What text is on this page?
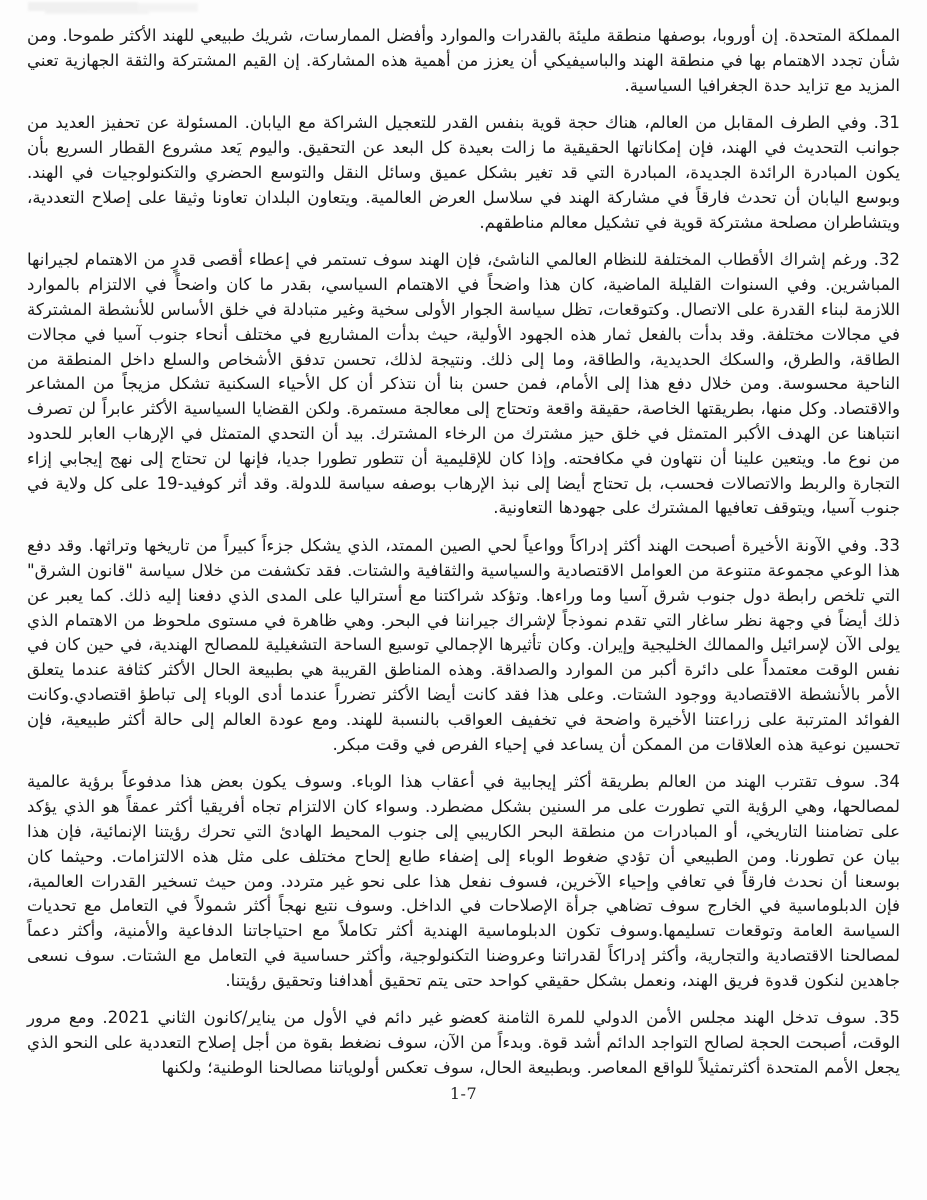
المملكة المتحدة. إن أوروبا، بوصفها منطقة مليئة بالقدرات والموارد وأفضل الممارسات، شريك طبيعي للهند الأكثر طموحا. ومن شأن تجدد الاهتمام بها في منطقة الهند والباسيفيكي أن يعزز من أهمية هذه المشاركة. إن القيم المشتركة والثقة الجهازية تعني المزيد مع تزايد حدة الجغرافيا السياسية.

31. وفي الطرف المقابل من العالم، هناك حجة قوية بنفس القدر للتعجيل الشراكة مع اليابان. المسئولة عن تحفيز العديد من جوانب التحديث في الهند، فإن إمكاناتها الحقيقية ما زالت بعيدة كل البعد عن التحقيق. واليوم يَعد مشروع القطار السريع بأن يكون المبادرة الرائدة الجديدة، المبادرة التي قد تغير بشكل عميق وسائل النقل والتوسع الحضري والتكنولوجيات في الهند. وبوسع اليابان أن تحدث فارقاً في مشاركة الهند في سلاسل العرض العالمية. ويتعاون البلدان تعاونا وثيقا على إصلاح التعددية، ويتشاطران مصلحة مشتركة قوية في تشكيل معالم مناطقهم.

32. ورغم إشراك الأقطاب المختلفة للنظام العالمي الناشئ، فإن الهند سوف تستمر في إعطاء أقصى قدرٍ من الاهتمام لجيرانها المباشرين. وفي السنوات القليلة الماضية، كان هذا واضحاً في الاهتمام السياسي، بقدر ما كان واضحاً في الالتزام بالموارد اللازمة لبناء القدرة على الاتصال. وكتوقعات، تظل سياسة الجوار الأولى سخية وغير متبادلة في خلق الأساس للأنشطة المشتركة في مجالات مختلفة. وقد بدأت بالفعل ثمار هذه الجهود الأولية، حيث بدأت المشاريع في مختلف أنحاء جنوب آسيا في مجالات الطاقة، والطرق، والسكك الحديدية، والطاقة، وما إلى ذلك. ونتيجة لذلك، تحسن تدفق الأشخاص والسلع داخل المنطقة من الناحية محسوسة. ومن خلال دفع هذا إلى الأمام، فمن حسن بنا أن نتذكر أن كل الأحياء السكنية تشكل مزيجاً من المشاعر والاقتصاد. وكل منها، بطريقتها الخاصة، حقيقة واقعة وتحتاج إلى معالجة مستمرة. ولكن القضايا السياسية الأكثر عابراً لن تصرف انتباهنا عن الهدف الأكبر المتمثل في خلق حيز مشترك من الرخاء المشترك. بيد أن التحدي المتمثل في الإرهاب العابر للحدود من نوع ما. ويتعين علينا أن نتهاون في مكافحته. وإذا كان للإقليمية أن تتطور تطورا جديا، فإنها لن تحتاج إلى نهج إيجابي إزاء التجارة والربط والاتصالات فحسب، بل تحتاج أيضا إلى نبذ الإرهاب بوصفه سياسة للدولة. وقد أثر كوفيد-19 على كل ولاية في جنوب آسيا، ويتوقف تعافيها المشترك على جهودها التعاونية.

33. وفي الآونة الأخيرة أصبحت الهند أكثر إدراكاً وواعياً لحي الصين الممتد، الذي يشكل جزءاً كبيراً من تاريخها وتراثها. وقد دفع هذا الوعي مجموعة متنوعة من العوامل الاقتصادية والسياسية والثقافية والشتات. فقد تكشفت من خلال سياسة "قانون الشرق" التي تلخص رابطة دول جنوب شرق آسيا وما وراءها. وتؤكد شراكتنا مع أستراليا على المدى الذي دفعنا إليه ذلك. كما يعبر عن ذلك أيضاً في وجهة نظر ساغار التي تقدم نموذجاً لإشراك جيراننا في البحر. وهي ظاهرة في مستوى ملحوظ من الاهتمام الذي يولى الآن لإسرائيل والممالك الخليجية وإيران. وكان تأثيرها الإجمالي توسيع الساحة التشغيلية للمصالح الهندية، في حين كان في نفس الوقت معتمداً على دائرة أكبر من الموارد والصداقة. وهذه المناطق القريبة هي بطبيعة الحال الأكثر كثافة عندما يتعلق الأمر بالأنشطة الاقتصادية ووجود الشتات. وعلى هذا فقد كانت أيضا الأكثر تضرراً عندما أدى الوباء إلى تباطؤ اقتصادي.وكانت الفوائد المترتبة على زراعتنا الأخيرة واضحة في تخفيف العواقب بالنسبة للهند. ومع عودة العالم إلى حالة أكثر طبيعية، فإن تحسين نوعية هذه العلاقات من الممكن أن يساعد في إحياء الفرص في وقت مبكر.

34. سوف تقترب الهند من العالم بطريقة أكثر إيجابية في أعقاب هذا الوباء. وسوف يكون بعض هذا مدفوعاً برؤية عالمية لمصالحها، وهي الرؤية التي تطورت على مر السنين بشكل مضطرد. وسواء كان الالتزام تجاه أفريقيا أكثر عمقاً هو الذي يؤكد على تضامننا التاريخي، أو المبادرات من منطقة البحر الكاريبي إلى جنوب المحيط الهادئ التي تحرك رؤيتنا الإنمائية، فإن هذا بيان عن تطورنا. ومن الطبيعي أن تؤدي ضغوط الوباء إلى إضفاء طابع إلحاح مختلف على مثل هذه الالتزامات. وحيثما كان بوسعنا أن نحدث فارقاً في تعافي وإحياء الآخرين، فسوف نفعل هذا على نحو غير متردد. ومن حيث تسخير القدرات العالمية، فإن الدبلوماسية في الخارج سوف تضاهي جرأة الإصلاحات في الداخل. وسوف نتبع نهجاً أكثر شمولاً في التعامل مع تحديات السياسة العامة وتوقعات تسليمها.وسوف تكون الدبلوماسية الهندية أكثر تكاملاً مع احتياجاتنا الدفاعية والأمنية، وأكثر دعماً لمصالحنا الاقتصادية والتجارية، وأكثر إدراكاً لقدراتنا وعروضنا التكنولوجية، وأكثر حساسية في التعامل مع الشتات. سوف نسعى جاهدين لنكون قدوة فريق الهند، ونعمل بشكل حقيقي كواحد حتى يتم تحقيق أهدافنا وتحقيق رؤيتنا.

35. سوف تدخل الهند مجلس الأمن الدولي للمرة الثامنة كعضو غير دائم في الأول من يناير/كانون الثاني 2021. ومع مرور الوقت، أصبحت الحجة لصالح التواجد الدائم أشد قوة. وبدءاً من الآن، سوف نضغط بقوة من أجل إصلاح التعددية على النحو الذي يجعل الأمم المتحدة أكثرتمثيلاً للواقع المعاصر. وبطبيعة الحال، سوف تعكس أولوياتنا مصالحنا الوطنية؛ ولكنها

1-7
